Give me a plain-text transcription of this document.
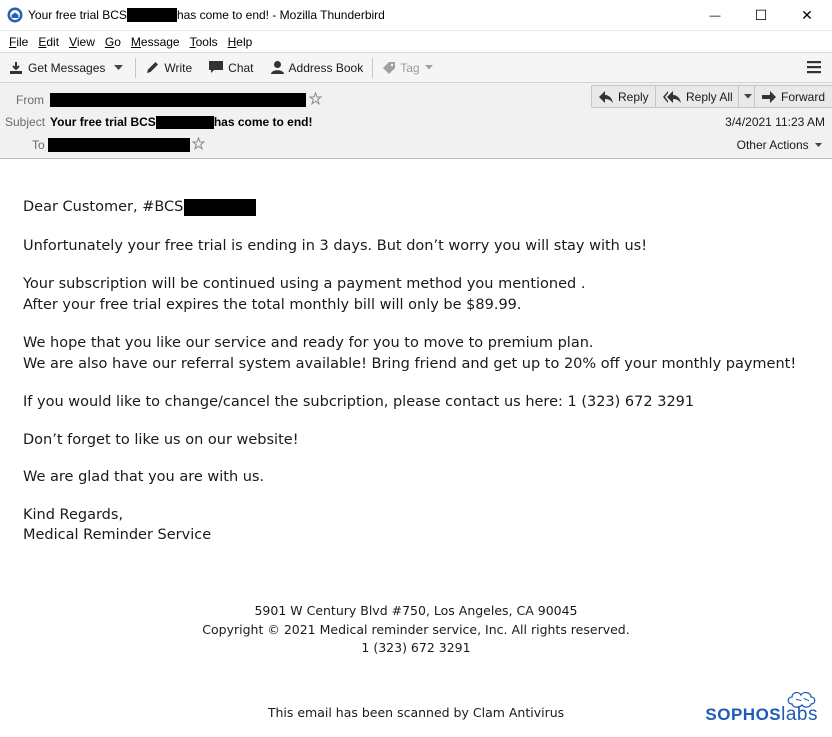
Your free trial BCS	has come to end! - Mozilla Thunderbird	— ☐ ✕
File Edit View Go Message Tools Help
Get Messages	Write	Chat	Address Book	Tag
From
Subject Your free trial BCS	has come to end!
To
Reply	Reply All	Forward
3/4/2021 11:23 AM
Other Actions

Dear Customer, #BCS

Unfortunately your free trial is ending in 3 days. But don’t worry you will stay with us!

Your subscription will be continued using a payment method you mentioned .
After your free trial expires the total monthly bill will only be $89.99.

We hope that you like our service and ready for you to move to premium plan.
We are also have our referral system available! Bring friend and get up to 20% off your monthly payment!

If you would like to change/cancel the subcription, please contact us here: 1 (323) 672 3291

Don’t forget to like us on our website!

We are glad that you are with us.

Kind Regards,
Medical Reminder Service

5901 W Century Blvd #750, Los Angeles, CA 90045
Copyright © 2021 Medical reminder service, Inc. All rights reserved.
1 (323) 672 3291
This email has been scanned by Clam Antivirus	SOPHOSlabs
